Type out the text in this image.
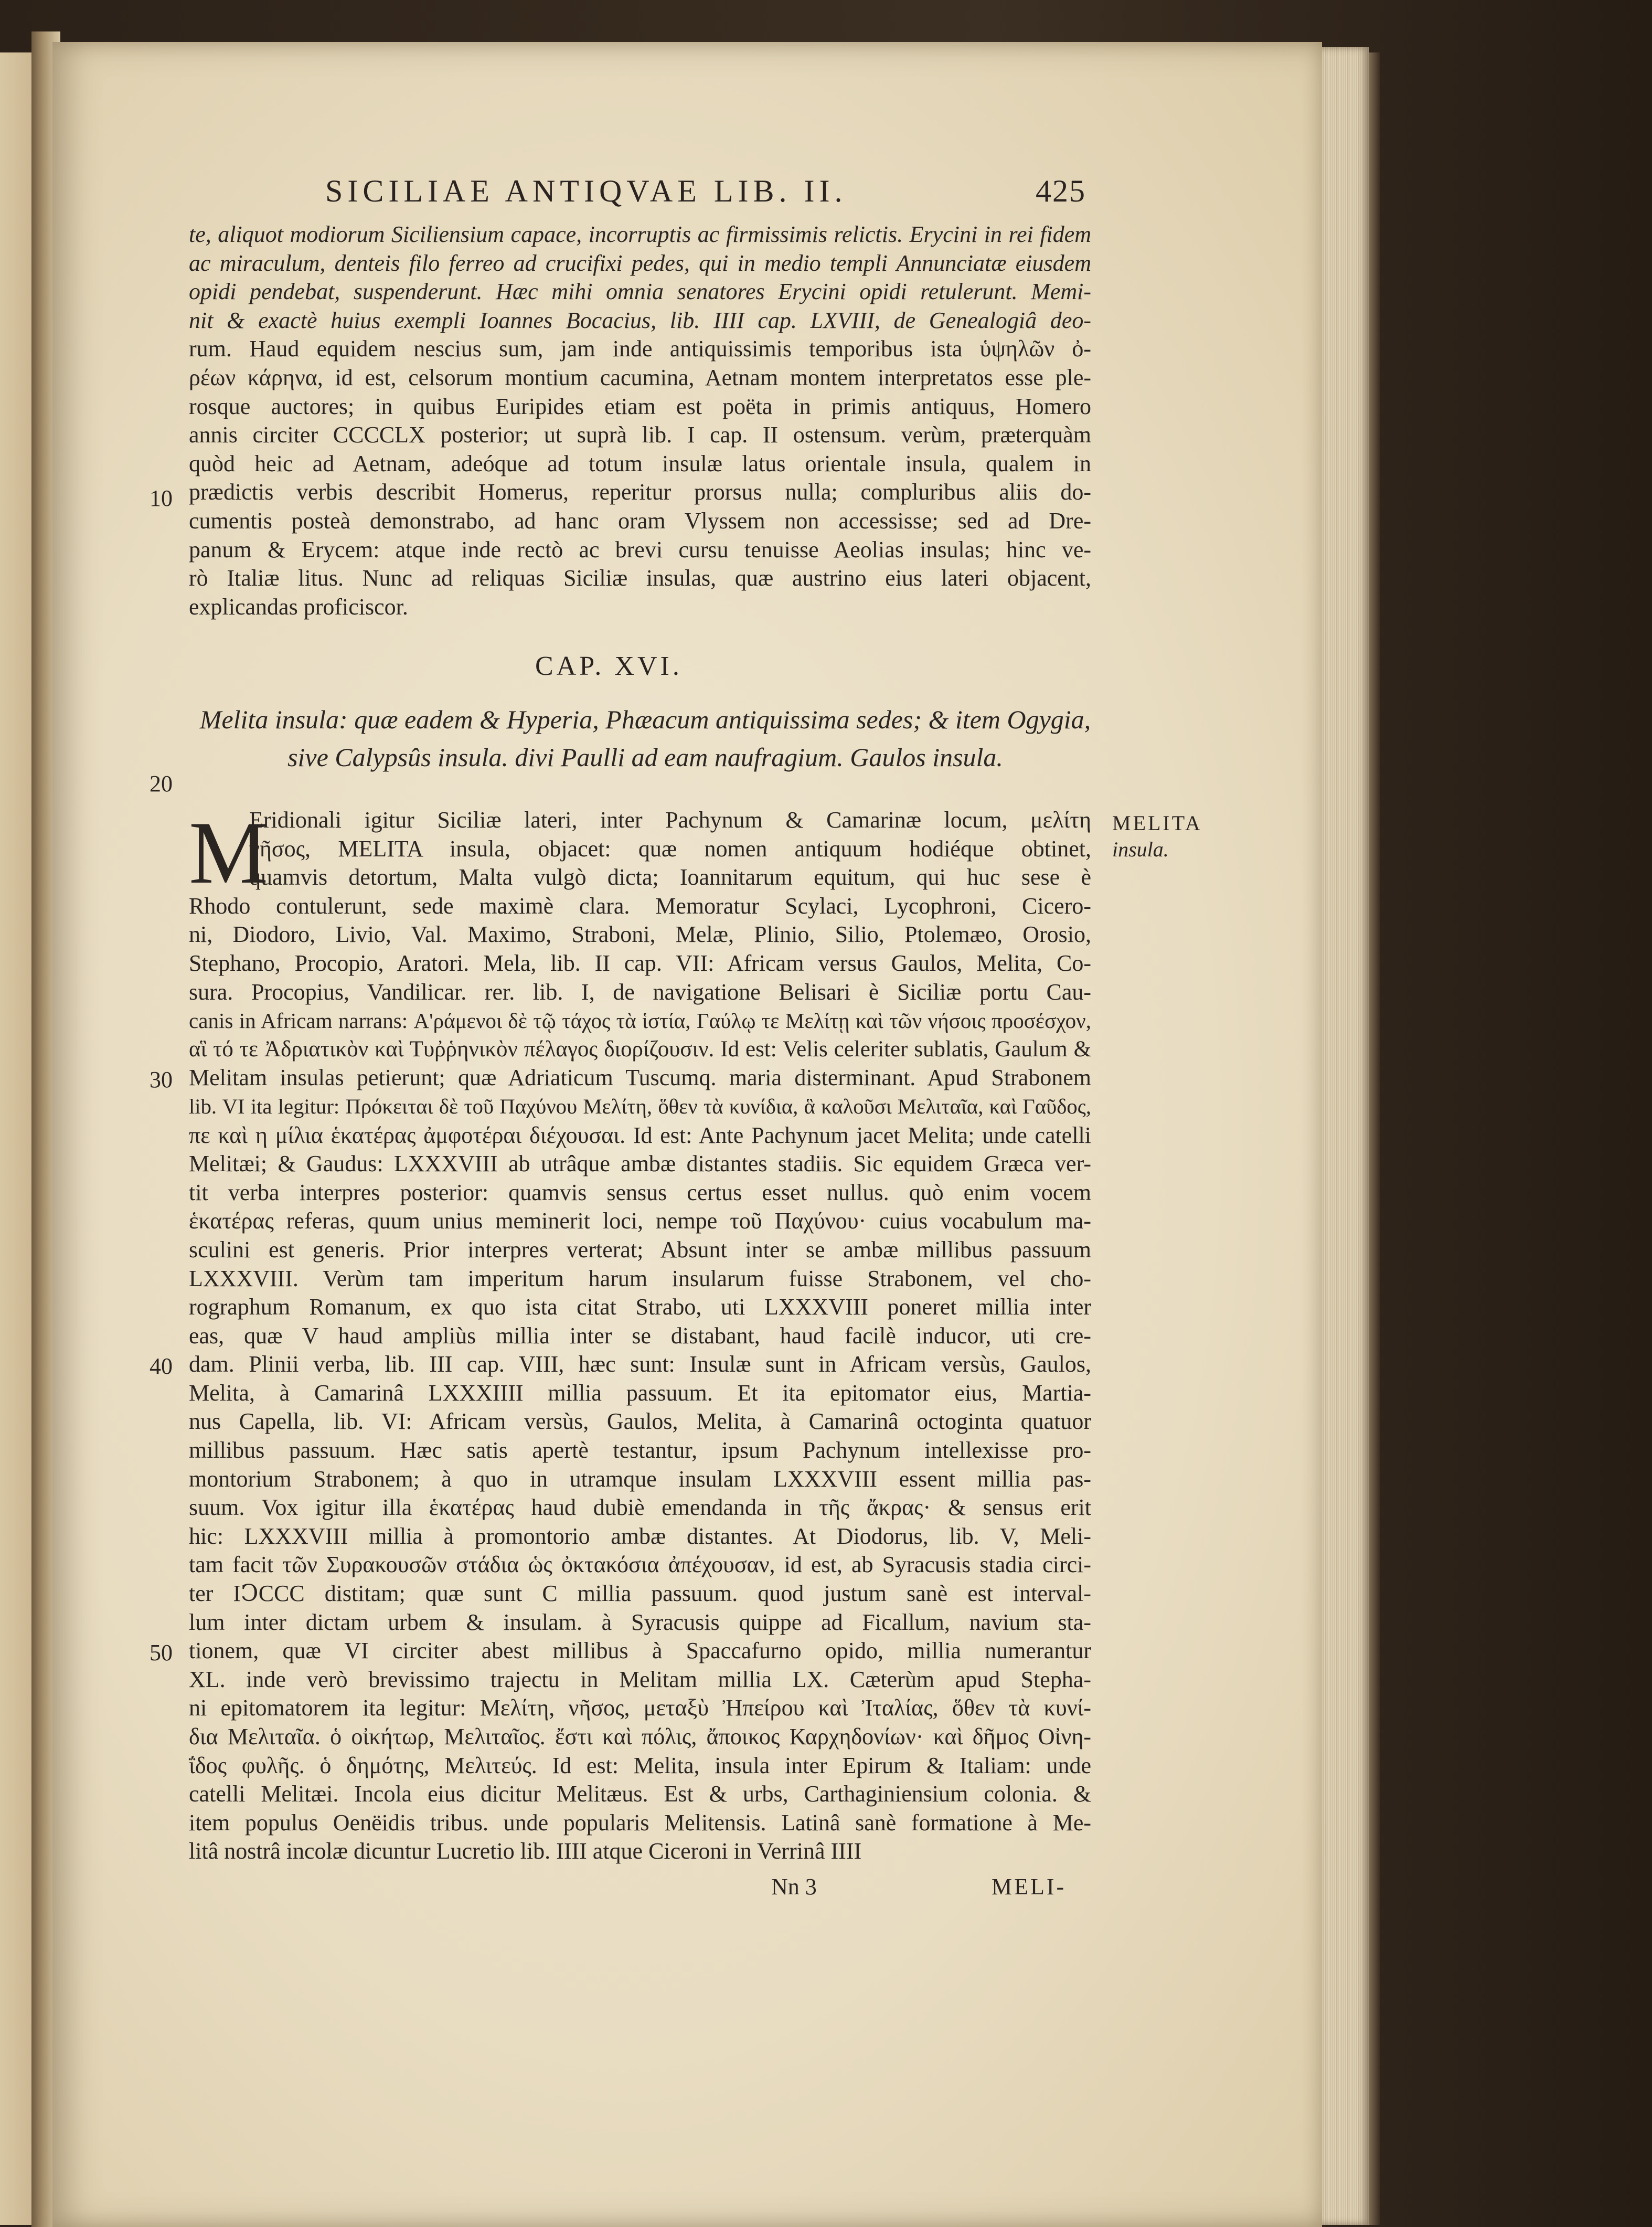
SICILIAE ANTIQVAE LIB. II.	425
te, aliquot modiorum Siciliensium capace, incorruptis ac firmissimis relictis. Erycini in rei fidem
ac miraculum, denteis filo ferreo ad crucifixi pedes, qui in medio templi Annunciatæ eiusdem
opidi pendebat, suspenderunt. Hæc mihi omnia senatores Erycini opidi retulerunt. Memi-
nit & exactè huius exempli Ioannes Bocacius, lib. IIII cap. LXVIII, de Genealogiâ deo-
rum. Haud equidem nescius sum, jam inde antiquissimis temporibus ista ὑψηλῶν ὀ-
ρέων κάρηνα, id est, celsorum montium cacumina, Aetnam montem interpretatos esse ple-
rosque auctores; in quibus Euripides etiam est poëta in primis antiquus, Homero
annis circiter CCCCLX posterior; ut suprà lib. I cap. II ostensum. verùm, præterquàm
quòd heic ad Aetnam, adeóque ad totum insulæ latus orientale insula, qualem in
prædictis verbis describit Homerus, reperitur prorsus nulla; compluribus aliis do-
cumentis posteà demonstrabo, ad hanc oram Vlyssem non accessisse; sed ad Dre-
panum & Erycem: atque inde rectò ac brevi cursu tenuisse Aeolias insulas; hinc ve-
rò Italiæ litus. Nunc ad reliquas Siciliæ insulas, quæ austrino eius lateri objacent,
explicandas proficiscor.
10
CAP. XVI.
Melita insula: quæ eadem & Hyperia, Phæacum antiquissima sedes; & item Ogygia,
sive Calypsûs insula. divi Paulli ad eam naufragium. Gaulos insula.
20
M
Eridionali igitur Siciliæ lateri, inter Pachynum & Camarinæ locum, μελίτη
νῆσος, MELITA insula, objacet: quæ nomen antiquum hodiéque obtinet,
quamvis detortum, Malta vulgò dicta; Ioannitarum equitum, qui huc sese è
Rhodo contulerunt, sede maximè clara. Memoratur Scylaci, Lycophroni, Cicero-
ni, Diodoro, Livio, Val. Maximo, Straboni, Melæ, Plinio, Silio, Ptolemæo, Orosio,
Stephano, Procopio, Aratori. Mela, lib. II cap. VII: Africam versus Gaulos, Melita, Co-
sura. Procopius, Vandilicar. rer. lib. I, de navigatione Belisari è Siciliæ portu Cau-
canis in Africam narrans: Α'ράμενοι δὲ τῷ τάχος τὰ ἱστία, Γαύλῳ τε Μελίτῃ καὶ τῶν νήσοις προσέσχον,
αἳ τό τε Ἀδριατικὸν καὶ Τυῤῥηνικὸν πέλαγος διορίζουσιν. Id est: Velis celeriter sublatis, Gaulum &
Melitam insulas petierunt; quæ Adriaticum Tuscumq. maria disterminant. Apud Strabonem
lib. VI ita legitur: Πρόκειται δὲ τοῦ Παχύνου Μελίτη, ὅθεν τὰ κυνίδια, ἃ καλοῦσι Μελιταῖα, καὶ Γαῦδος,
πε καὶ η μίλια ἑκατέρας ἀμφοτέραι διέχουσαι. Id est: Ante Pachynum jacet Melita; unde catelli
Melitæi; & Gaudus: LXXXVIII ab utrâque ambæ distantes stadiis. Sic equidem Græca ver-
tit verba interpres posterior: quamvis sensus certus esset nullus. quò enim vocem
ἑκατέρας referas, quum unius meminerit loci, nempe τοῦ Παχύνου· cuius vocabulum ma-
sculini est generis. Prior interpres verterat; Absunt inter se ambæ millibus passuum
LXXXVIII. Verùm tam imperitum harum insularum fuisse Strabonem, vel cho-
rographum Romanum, ex quo ista citat Strabo, uti LXXXVIII poneret millia inter
eas, quæ V haud ampliùs millia inter se distabant, haud facilè inducor, uti cre-
dam. Plinii verba, lib. III cap. VIII, hæc sunt: Insulæ sunt in Africam versùs, Gaulos,
Melita, à Camarinâ LXXXIIII millia passuum. Et ita epitomator eius, Martia-
nus Capella, lib. VI: Africam versùs, Gaulos, Melita, à Camarinâ octoginta quatuor
millibus passuum. Hæc satis apertè testantur, ipsum Pachynum intellexisse pro-
montorium Strabonem; à quo in utramque insulam LXXXVIII essent millia pas-
suum. Vox igitur illa ἑκατέρας haud dubiè emendanda in τῆς ἄκρας· & sensus erit
hic: LXXXVIII millia à promontorio ambæ distantes. At Diodorus, lib. V, Meli-
tam facit τῶν Συρακουσῶν στάδια ὡς ὀκτακόσια ἀπέχουσαν, id est, ab Syracusis stadia circi-
ter IↃCCC distitam; quæ sunt C millia passuum. quod justum sanè est interval-
lum inter dictam urbem & insulam. à Syracusis quippe ad Ficallum, navium sta-
tionem, quæ VI circiter abest millibus à Spaccafurno opido, millia numerantur
XL. inde verò brevissimo trajectu in Melitam millia LX. Cæterùm apud Stepha-
ni epitomatorem ita legitur: Μελίτη, νῆσος, μεταξὺ Ἠπείρου καὶ Ἰταλίας, ὅθεν τὰ κυνί-
δια Μελιταῖα. ὁ οἰκήτωρ, Μελιταῖος. ἔστι καὶ πόλις, ἄποικος Καρχηδονίων· καὶ δῆμος Οἰνη-
ΐδος φυλῆς. ὁ δημότης, Μελιτεύς. Id est: Melita, insula inter Epirum & Italiam: unde
catelli Melitæi. Incola eius dicitur Melitæus. Est & urbs, Carthaginiensium colonia. &
item populus Oenëidis tribus. unde popularis Melitensis. Latinâ sanè formatione à Me-
litâ nostrâ incolæ dicuntur Lucretio lib. IIII atque Ciceroni in Verrinâ IIII
30
40
50
MELITA
insula.
Nn 3	MELI-
